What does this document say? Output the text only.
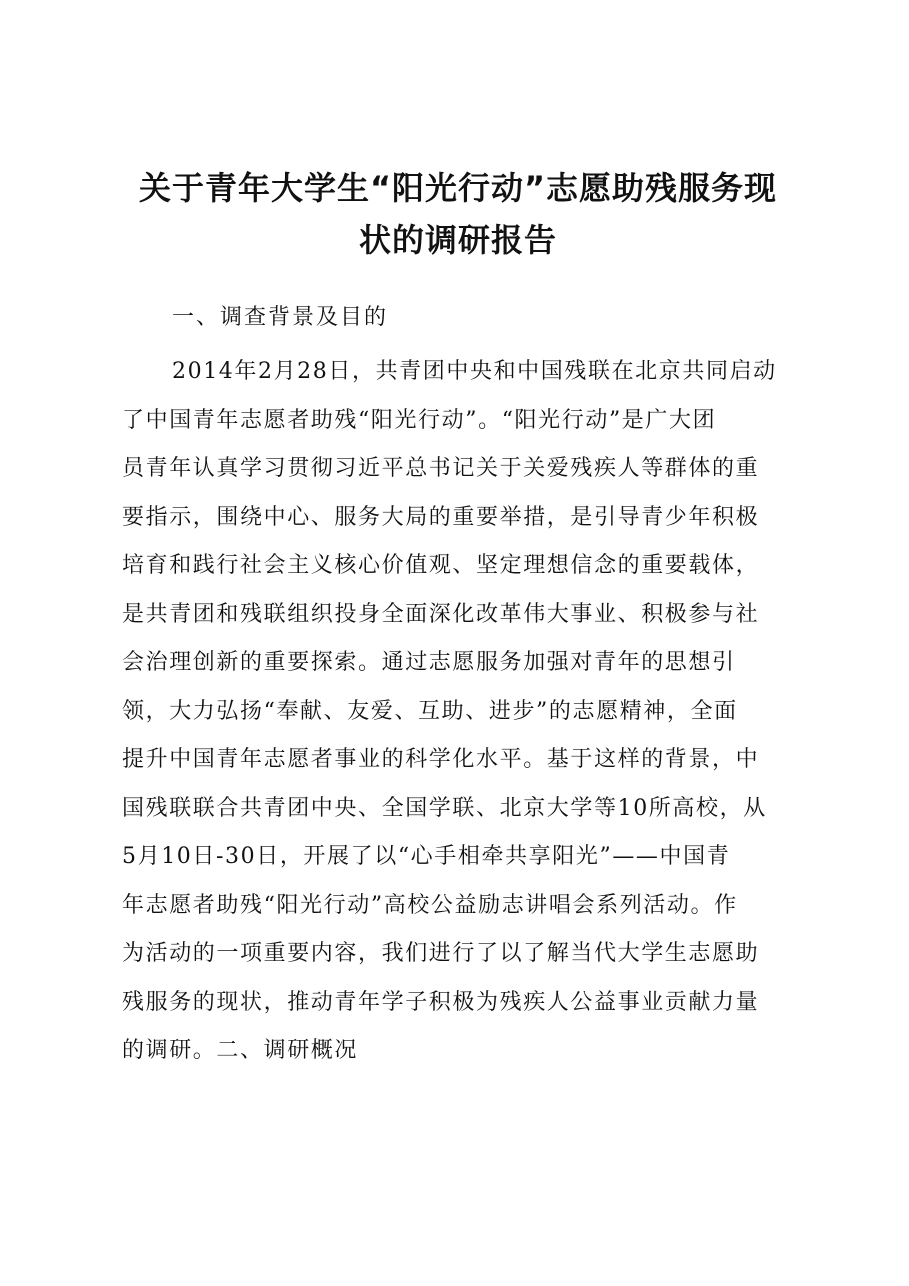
关于青年大学生“阳光行动”志愿助残服务现
状的调研报告

一、调查背景及目的

2014年2月28日，共青团中央和中国残联在北京共同启动
了中国青年志愿者助残“阳光行动”。“阳光行动”是广大团
员青年认真学习贯彻习近平总书记关于关爱残疾人等群体的重
要指示，围绕中心、服务大局的重要举措，是引导青少年积极
培育和践行社会主义核心价值观、坚定理想信念的重要载体，
是共青团和残联组织投身全面深化改革伟大事业、积极参与社
会治理创新的重要探索。通过志愿服务加强对青年的思想引
领，大力弘扬“奉献、友爱、互助、进步”的志愿精神，全面
提升中国青年志愿者事业的科学化水平。基于这样的背景，中
国残联联合共青团中央、全国学联、北京大学等10所高校，从
5月10日-30日，开展了以“心手相牵共享阳光”——中国青
年志愿者助残“阳光行动”高校公益励志讲唱会系列活动。作
为活动的一项重要内容，我们进行了以了解当代大学生志愿助
残服务的现状，推动青年学子积极为残疾人公益事业贡献力量
的调研。二、调研概况
